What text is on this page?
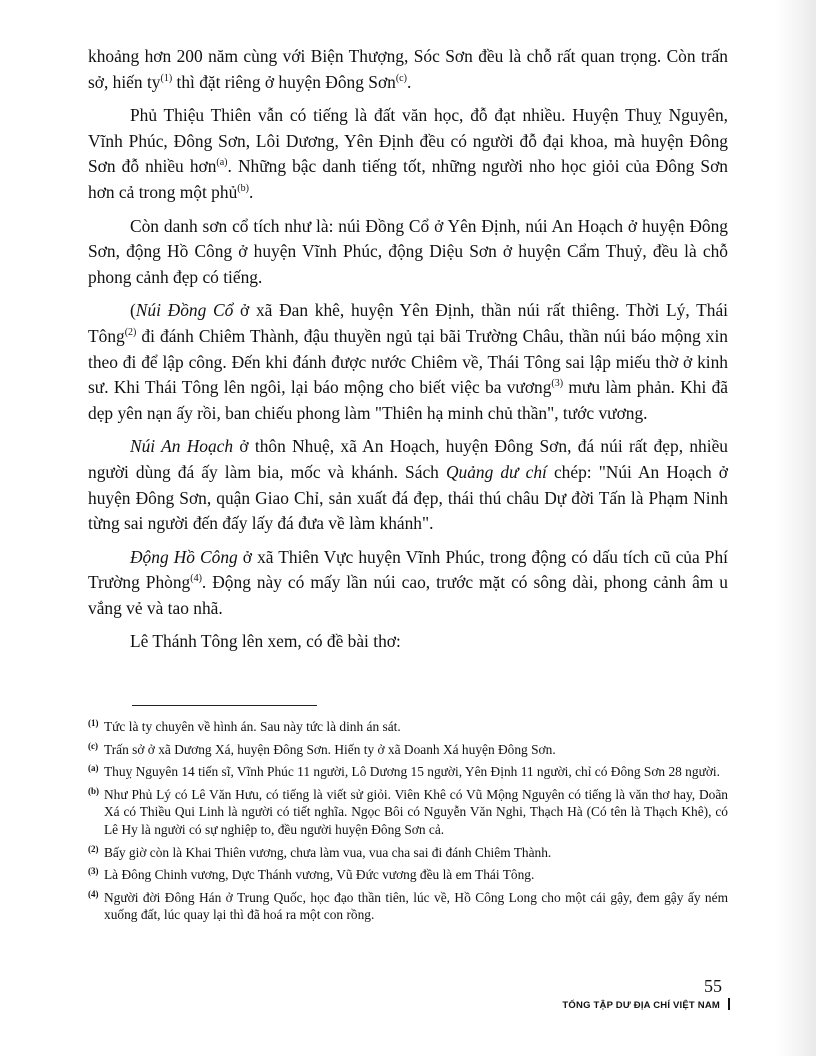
khoảng hơn 200 năm cùng với Biện Thượng, Sóc Sơn đều là chỗ rất quan trọng. Còn trấn sở, hiến $ty^{(1)}$ thì đặt riêng ở huyện Đông Sơn$^{(c)}$.

Phủ Thiệu Thiên vẫn có tiếng là đất văn học, đỗ đạt nhiều. Huyện Thuỵ Nguyên, Vĩnh Phúc, Đông Sơn, Lôi Dương, Yên Định đều có người đỗ đại khoa, mà huyện Đông Sơn đỗ nhiều hơn$^{(a)}$. Những bậc danh tiếng tốt, những người nho học giỏi của Đông Sơn hơn cả trong một phủ$^{(b)}$.

Còn danh sơn cổ tích như là: núi Đồng Cổ ở Yên Định, núi An Hoạch ở huyện Đông Sơn, động Hồ Công ở huyện Vĩnh Phúc, động Diệu Sơn ở huyện Cẩm Thuỷ, đều là chỗ phong cảnh đẹp có tiếng.

(Núi Đồng Cổ ở xã Đan khê, huyện Yên Định, thần núi rất thiêng. Thời Lý, Thái Tông$^{(2)}$ đi đánh Chiêm Thành, đậu thuyền ngủ tại bãi Trường Châu, thần núi báo mộng xin theo đi để lập công. Đến khi đánh được nước Chiêm về, Thái Tông sai lập miếu thờ ở kinh sư. Khi Thái Tông lên ngôi, lại báo mộng cho biết việc ba vương$^{(3)}$ mưu làm phản. Khi đã dẹp yên nạn ấy rồi, ban chiếu phong làm "Thiên hạ minh chủ thần", tước vương.

Núi An Hoạch ở thôn Nhuệ, xã An Hoạch, huyện Đông Sơn, đá núi rất đẹp, nhiều người dùng đá ấy làm bia, mốc và khánh. Sách Quảng dư chí chép: "Núi An Hoạch ở huyện Đông Sơn, quận Giao Chỉ, sản xuất đá đẹp, thái thú châu Dự đời Tấn là Phạm Ninh từng sai người đến đấy lấy đá đưa về làm khánh".

Động Hồ Công ở xã Thiên Vực huyện Vĩnh Phúc, trong động có dấu tích cũ của Phí Trường Phòng$^{(4)}$. Động này có mấy lần núi cao, trước mặt có sông dài, phong cảnh âm u vắng vẻ và tao nhã.

Lê Thánh Tông lên xem, có đề bài thơ:

(1) Tức là ty chuyên về hình án. Sau này tức là dinh án sát.
(c) Trấn sở ở xã Dương Xá, huyện Đông Sơn. Hiến ty ở xã Doanh Xá huyện Đông Sơn.
(a) Thuỵ Nguyên 14 tiến sĩ, Vĩnh Phúc 11 người, Lô Dương 15 người, Yên Định 11 người, chỉ có Đông Sơn 28 người.
(b) Như Phủ Lý có Lê Văn Hưu, có tiếng là viết sử giỏi. Viên Khê có Vũ Mộng Nguyên có tiếng là văn thơ hay, Doãn Xá có Thiều Qui Linh là người có tiết nghĩa. Ngọc Bôi có Nguyễn Văn Nghi, Thạch Hà (Có tên là Thạch Khê), có Lê Hy là người có sự nghiệp to, đều người huyện Đông Sơn cả.
(2) Bấy giờ còn là Khai Thiên vương, chưa làm vua, vua cha sai đi đánh Chiêm Thành.
(3) Là Đông Chinh vương, Dực Thánh vương, Vũ Đức vương đều là em Thái Tông.
(4) Người đời Đông Hán ở Trung Quốc, học đạo thần tiên, lúc về, Hồ Công Long cho một cái gậy, đem gậy ấy ném xuống đất, lúc quay lại thì đã hoá ra một con rồng.
55
TỔNG TẬP DƯ ĐỊA CHÍ VIỆT NAM
